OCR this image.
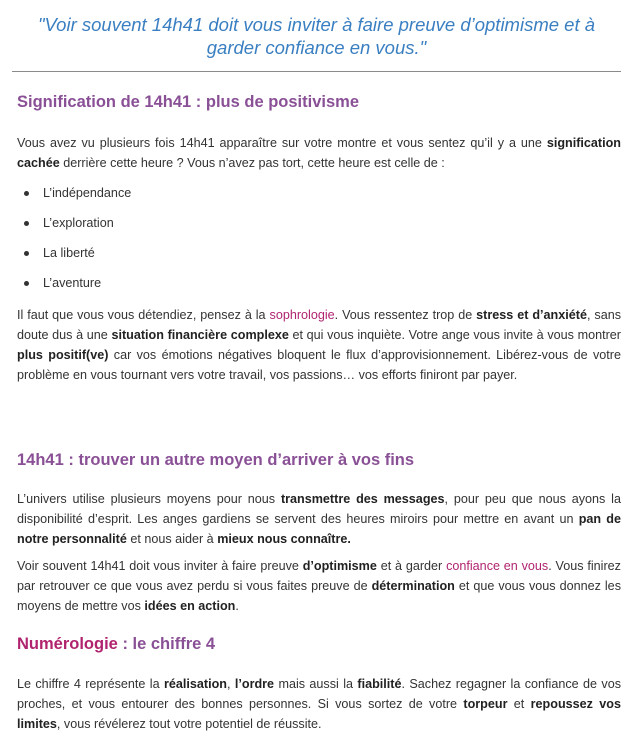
"Voir souvent 14h41 doit vous inviter à faire preuve d’optimisme et à garder confiance en vous."

Signification de 14h41 : plus de positivisme

Vous avez vu plusieurs fois 14h41 apparaître sur votre montre et vous sentez qu’il y a une signification cachée derrière cette heure ? Vous n’avez pas tort, cette heure est celle de :

L’indépendance
L’exploration
La liberté
L’aventure

Il faut que vous vous détendiez, pensez à la sophrologie. Vous ressentez trop de stress et d’anxiété, sans doute dus à une situation financière complexe et qui vous inquiète. Votre ange vous invite à vous montrer plus positif(ve) car vos émotions négatives bloquent le flux d’approvisionnement. Libérez-vous de votre problème en vous tournant vers votre travail, vos passions… vos efforts finiront par payer.

14h41 : trouver un autre moyen d’arriver à vos fins

L’univers utilise plusieurs moyens pour nous transmettre des messages, pour peu que nous ayons la disponibilité d’esprit. Les anges gardiens se servent des heures miroirs pour mettre en avant un pan de notre personnalité et nous aider à mieux nous connaître.

Voir souvent 14h41 doit vous inviter à faire preuve d’optimisme et à garder confiance en vous. Vous finirez par retrouver ce que vous avez perdu si vous faites preuve de détermination et que vous vous donnez les moyens de mettre vos idées en action.

Numérologie : le chiffre 4

Le chiffre 4 représente la réalisation, l’ordre mais aussi la fiabilité. Sachez regagner la confiance de vos proches, et vous entourer des bonnes personnes. Si vous sortez de votre torpeur et repoussez vos limites, vous révélerez tout votre potentiel de réussite.
